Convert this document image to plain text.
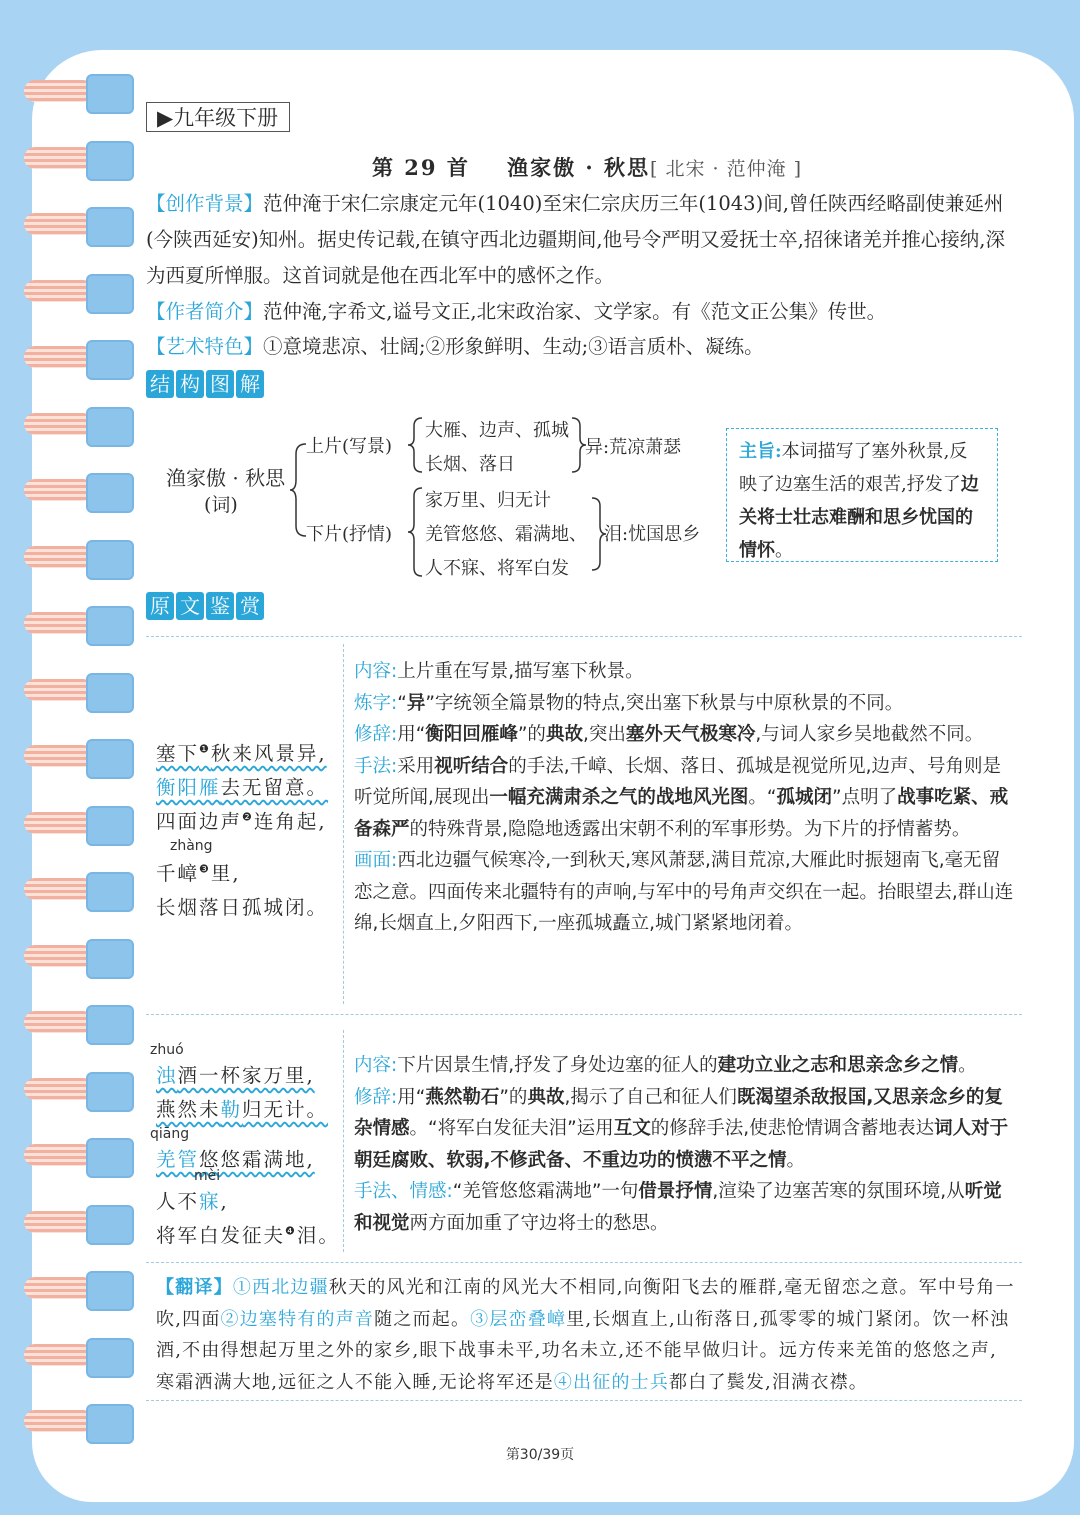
▶九年级下册
第 29 首 渔家傲 · 秋思[ 北宋 · 范仲淹 ]
【创作背景】范仲淹于宋仁宗康定元年(1040)至宋仁宗庆历三年(1043)间,曾任陕西经略副使兼延州(今陕西延安)知州。据史传记载,在镇守西北边疆期间,他号令严明又爱抚士卒,招徕诸羌并推心接纳,深为西夏所惮服。这首词就是他在西北军中的感怀之作。
【作者简介】范仲淹,字希文,谥号文正,北宋政治家、文学家。有《范文正公集》传世。
【艺术特色】①意境悲凉、壮阔;②形象鲜明、生动;③语言质朴、凝练。
结 构 图 解
渔家傲 · 秋思
(词)
上片(写景)
大雁、边声、孤城
长烟、落日
异:荒凉萧瑟
下片(抒情)
家万里、归无计
羌管悠悠、霜满地、
人不寐、将军白发
泪:忧国思乡
主旨:本词描写了塞外秋景,反映了边塞生活的艰苦,抒发了边关将士壮志难酬和思乡忧国的情怀。
原 文 鉴 赏
塞下$^❶$秋来风景异,
衡阳雁去无留意。
四面边声$^❷$连角起,
zhàng
千嶂$^❸$里,
长烟落日孤城闭。
内容:上片重在写景,描写塞下秋景。
炼字:“异”字统领全篇景物的特点,突出塞下秋景与中原秋景的不同。
修辞:用“衡阳回雁峰”的典故,突出塞外天气极寒冷,与词人家乡吴地截然不同。
手法:采用视听结合的手法,千嶂、长烟、落日、孤城是视觉所见,边声、号角则是听觉所闻,展现出一幅充满肃杀之气的战地风光图。“孤城闭”点明了战事吃紧、戒备森严的特殊背景,隐隐地透露出宋朝不利的军事形势。为下片的抒情蓄势。
画面:西北边疆气候寒冷,一到秋天,寒风萧瑟,满目荒凉,大雁此时振翅南飞,毫无留恋之意。四面传来北疆特有的声响,与军中的号角声交织在一起。抬眼望去,群山连绵,长烟直上,夕阳西下,一座孤城矗立,城门紧紧地闭着。
zhuó
浊酒一杯家万里,
燕然未勒归无计。
qiāng
羌管悠悠霜满地,
mèi
人不寐,
将军白发征夫$^❹$泪。
内容:下片因景生情,抒发了身处边塞的征人的建功立业之志和思亲念乡之情。
修辞:用“燕然勒石”的典故,揭示了自己和征人们既渴望杀敌报国,又思亲念乡的复杂情感。“将军白发征夫泪”运用互文的修辞手法,使悲怆情调含蓄地表达词人对于朝廷腐败、软弱,不修武备、不重边功的愤懑不平之情。
手法、情感:“羌管悠悠霜满地”一句借景抒情,渲染了边塞苦寒的氛围环境,从听觉和视觉两方面加重了守边将士的愁思。
【翻译】①西北边疆秋天的风光和江南的风光大不相同,向衡阳飞去的雁群,毫无留恋之意。军中号角一吹,四面②边塞特有的声音随之而起。③层峦叠嶂里,长烟直上,山衔落日,孤零零的城门紧闭。饮一杯浊酒,不由得想起万里之外的家乡,眼下战事未平,功名未立,还不能早做归计。远方传来羌笛的悠悠之声,寒霜洒满大地,远征之人不能入睡,无论将军还是④出征的士兵都白了鬓发,泪满衣襟。
第30/39页
